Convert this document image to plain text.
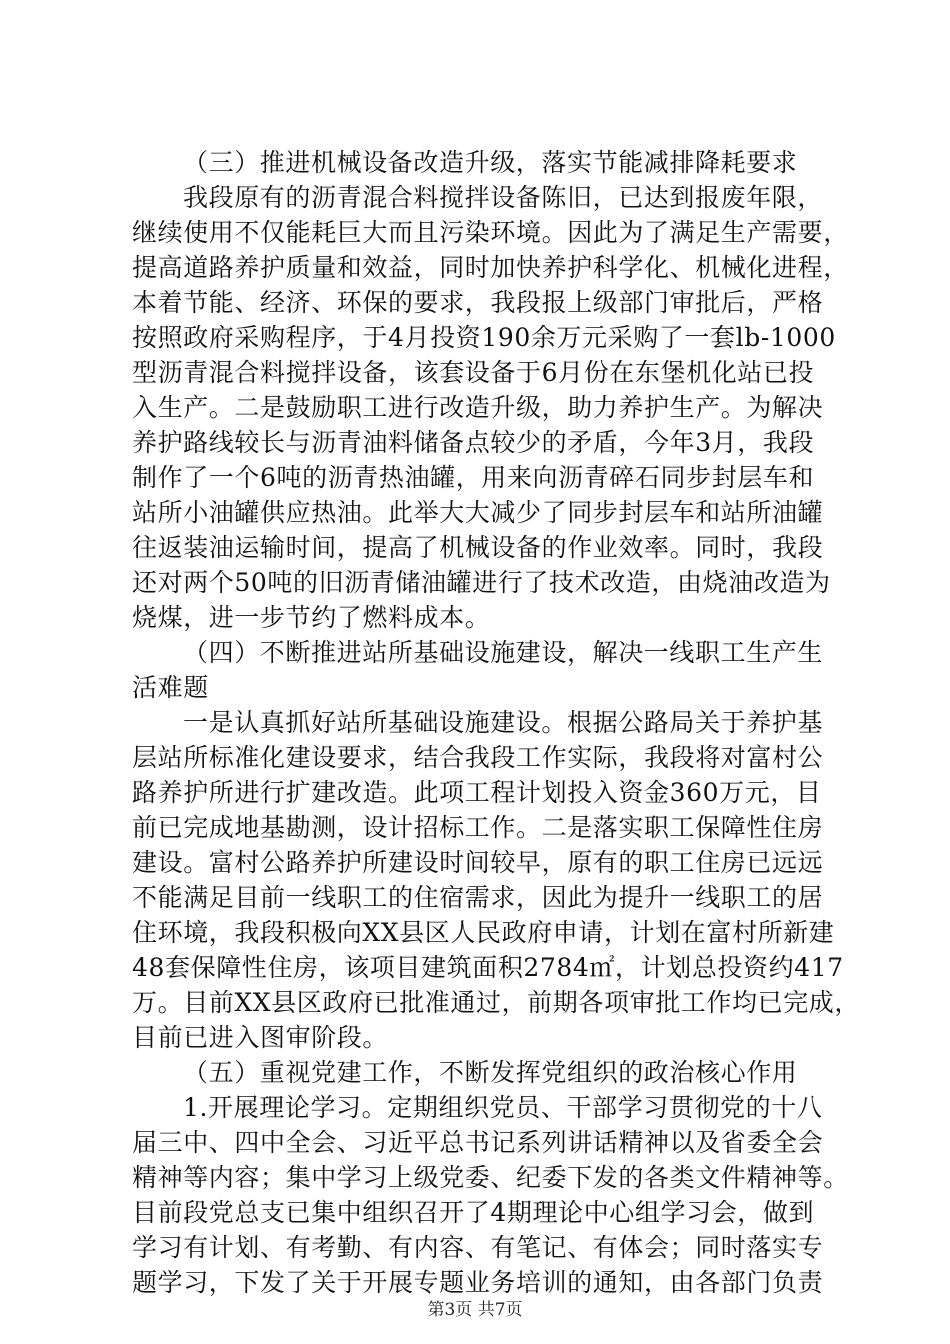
（三）推进机械设备改造升级，落实节能减排降耗要求
我段原有的沥青混合料搅拌设备陈旧，已达到报废年限，
继续使用不仅能耗巨大而且污染环境。因此为了满足生产需要，
提高道路养护质量和效益，同时加快养护科学化、机械化进程，
本着节能、经济、环保的要求，我段报上级部门审批后，严格
按照政府采购程序，于4月投资190余万元采购了一套lb-1000
型沥青混合料搅拌设备，该套设备于6月份在东堡机化站已投
入生产。二是鼓励职工进行改造升级，助力养护生产。为解决
养护路线较长与沥青油料储备点较少的矛盾，今年3月，我段
制作了一个6吨的沥青热油罐，用来向沥青碎石同步封层车和
站所小油罐供应热油。此举大大减少了同步封层车和站所油罐
往返装油运输时间，提高了机械设备的作业效率。同时，我段
还对两个50吨的旧沥青储油罐进行了技术改造，由烧油改造为
烧煤，进一步节约了燃料成本。
（四）不断推进站所基础设施建设，解决一线职工生产生
活难题
一是认真抓好站所基础设施建设。根据公路局关于养护基
层站所标准化建设要求，结合我段工作实际，我段将对富村公
路养护所进行扩建改造。此项工程计划投入资金360万元，目
前已完成地基勘测，设计招标工作。二是落实职工保障性住房
建设。富村公路养护所建设时间较早，原有的职工住房已远远
不能满足目前一线职工的住宿需求，因此为提升一线职工的居
住环境，我段积极向XX县区人民政府申请，计划在富村所新建
48套保障性住房，该项目建筑面积2784㎡，计划总投资约417
万。目前XX县区政府已批准通过，前期各项审批工作均已完成，
目前已进入图审阶段。
（五）重视党建工作，不断发挥党组织的政治核心作用
1.开展理论学习。定期组织党员、干部学习贯彻党的十八
届三中、四中全会、习近平总书记系列讲话精神以及省委全会
精神等内容；集中学习上级党委、纪委下发的各类文件精神等。
目前段党总支已集中组织召开了4期理论中心组学习会，做到
学习有计划、有考勤、有内容、有笔记、有体会；同时落实专
题学习，下发了关于开展专题业务培训的通知，由各部门负责
第3页 共7页
